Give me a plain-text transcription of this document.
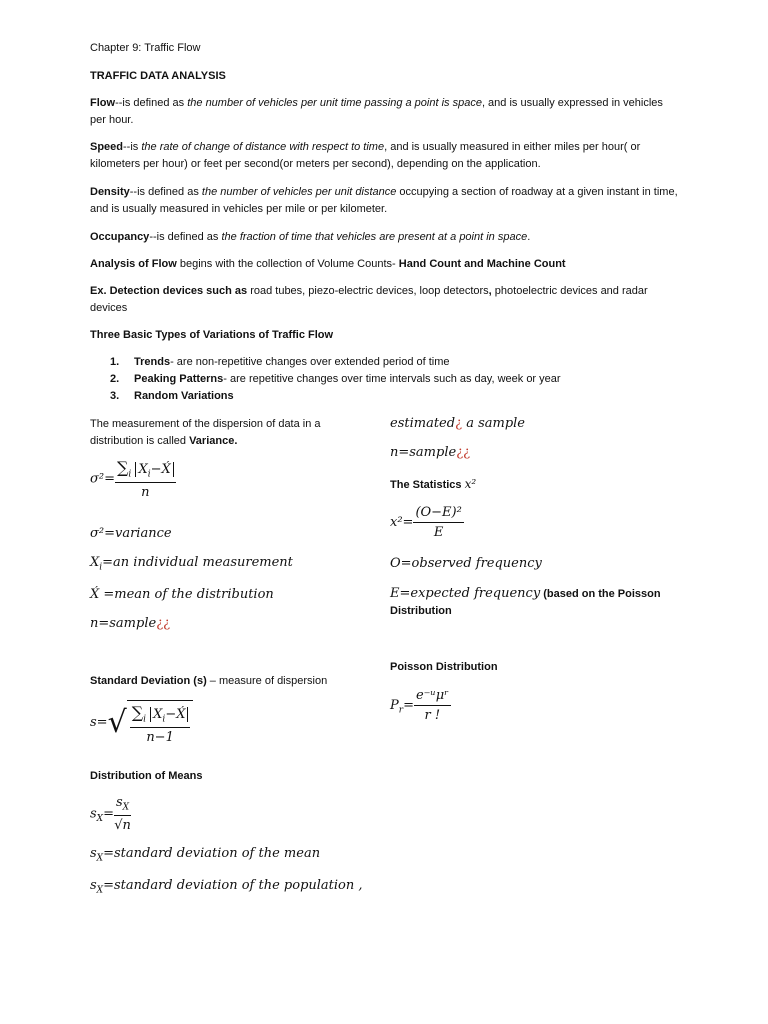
Chapter 9: Traffic Flow

TRAFFIC DATA ANALYSIS

Flow--is defined as the number of vehicles per unit time passing a point is space, and is usually expressed in vehicles per hour.

Speed--is the rate of change of distance with respect to time, and is usually measured in either miles per hour( or kilometers per hour) or feet per second(or meters per second), depending on the application.

Density--is defined as the number of vehicles per unit distance occupying a section of roadway at a given instant in time, and is usually measured in vehicles per mile or per kilometer.

Occupancy--is defined as the fraction of time that vehicles are present at a point in space.

Analysis of Flow begins with the collection of Volume Counts- Hand Count and Machine Count

Ex. Detection devices such as road tubes, piezo-electric devices, loop detectors, photoelectric devices and radar devices

Three Basic Types of Variations of Traffic Flow

1. Trends- are non-repetitive changes over extended period of time
2. Peaking Patterns- are repetitive changes over time intervals such as day, week or year
3. Random Variations

The measurement of the dispersion of data in a distribution is called Variance.

$\sigma^2= \frac{\sum_i X_i-X́}{n}$
σ²=variance
$X_i=an$ individual measurement
X́ =mean of the distribution
n=sample¿¿

Standard Deviation (s) – measure of dispersion

$s=√ \frac{\sum_i X_i-X́}{n-1}$

Distribution of Means

$s_X= \frac{s_X}{√n}$
$s_X=standard$ deviation of the mean
$s_X=standard$ deviation of the population ,
estimated¿ a sample
n=sample¿¿

The Statistics x²

$x^2= \frac{\text{(O−E)²}}{E}$
O=observed frequency
E=expected frequency (based on the Poisson Distribution

Poisson Distribution

$P_r= \frac{\text{e⁻ᵘμʳ}}{r !}$
